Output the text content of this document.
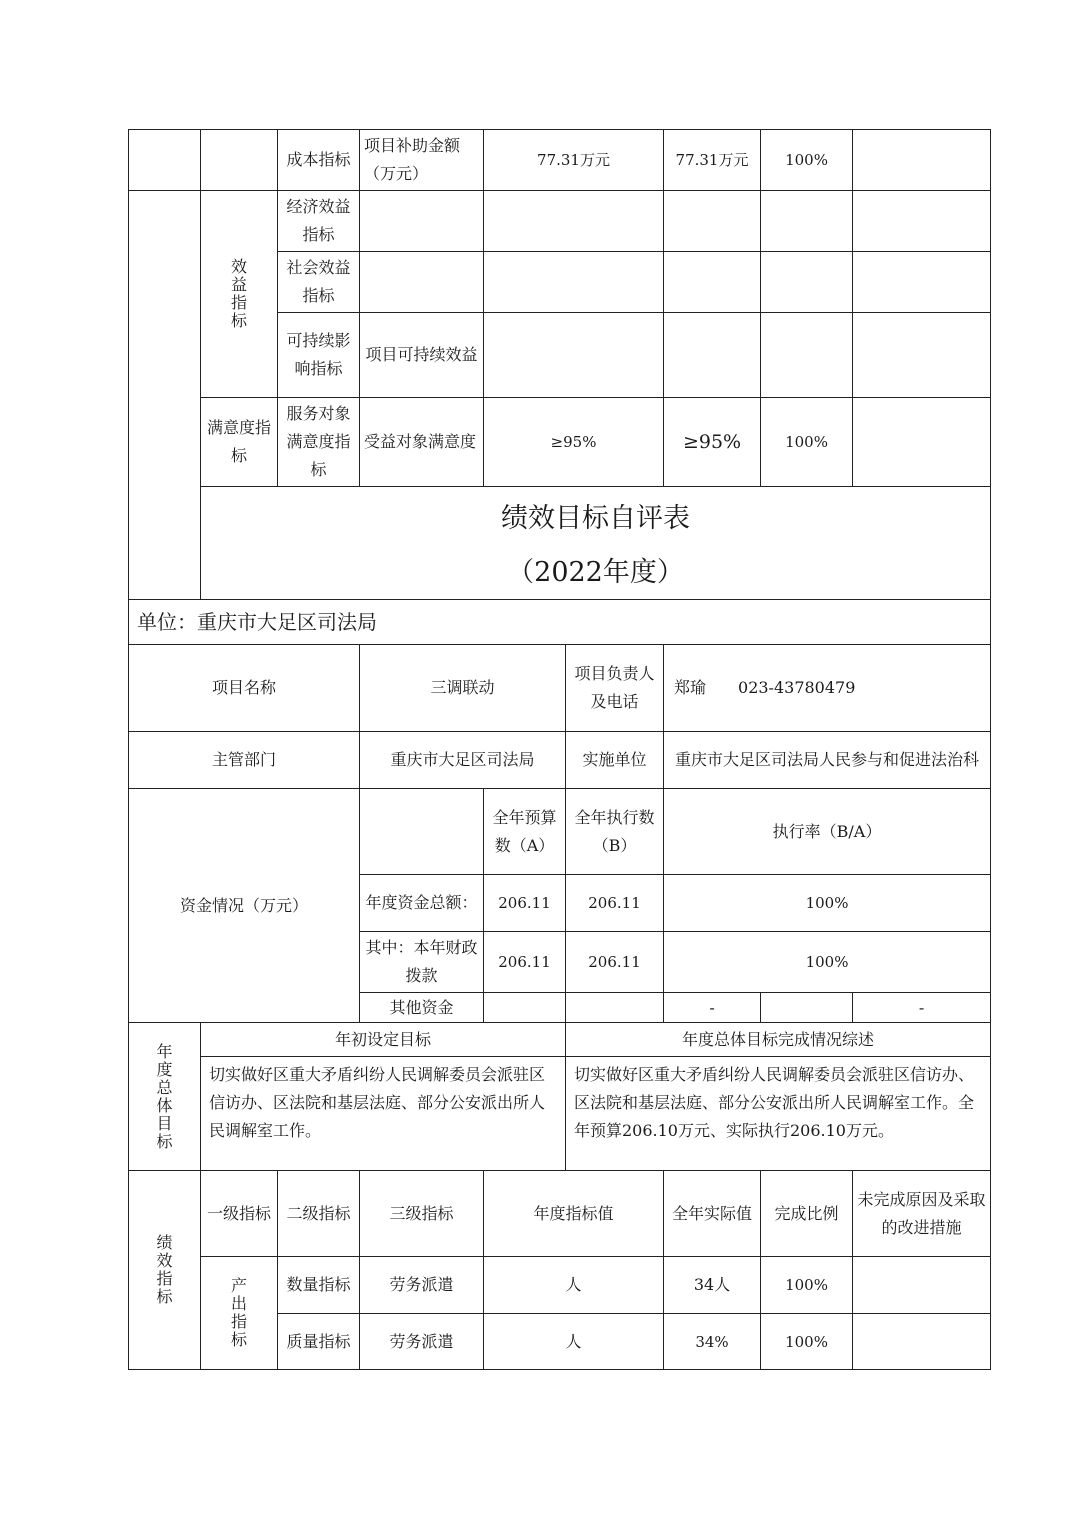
		成本指标	项目补助金额（万元）	77.31万元		77.31万元	100%	

	效益指标	经济效益指标						
		社会效益指标						
		可持续影响指标	项目可持续效益					
	满意度指标	服务对象满意度指标	受益对象满意度	≥95%		≥95%	100%	

	绩效目标自评表
（2022年度）							

单位：重庆市大足区司法局								
项目名称			三调联动		项目负责人及电话	郑瑜　　023-43780479		
主管部门			重庆市大足区司法局		实施单位	重庆市大足区司法局人民参与和促进法治科		
资金情况（万元）				全年预算数（A）	全年执行数（B）	执行率（B/A）		
			年度资金总额：	206.11	206.11	100%		
			其中：本年财政拨款	206.11	206.11	100%		
			其他资金			-		-

年度总体目标	年初设定目标				年度总体目标完成情况综述			
	切实做好区重大矛盾纠纷人民调解委员会派驻区信访办、区法院和基层法庭、部分公安派出所人民调解室工作。				切实做好区重大矛盾纠纷人民调解委员会派驻区信访办、区法院和基层法庭、部分公安派出所人民调解室工作。全年预算206.10万元、实际执行206.10万元。			

绩效指标	一级指标	二级指标	三级指标	年度指标值		全年实际值	完成比例	未完成原因及采取的改进措施

	产出指标	数量指标	劳务派遣	人		34人	100%	
		质量指标	劳务派遣	人		34%	100%	
